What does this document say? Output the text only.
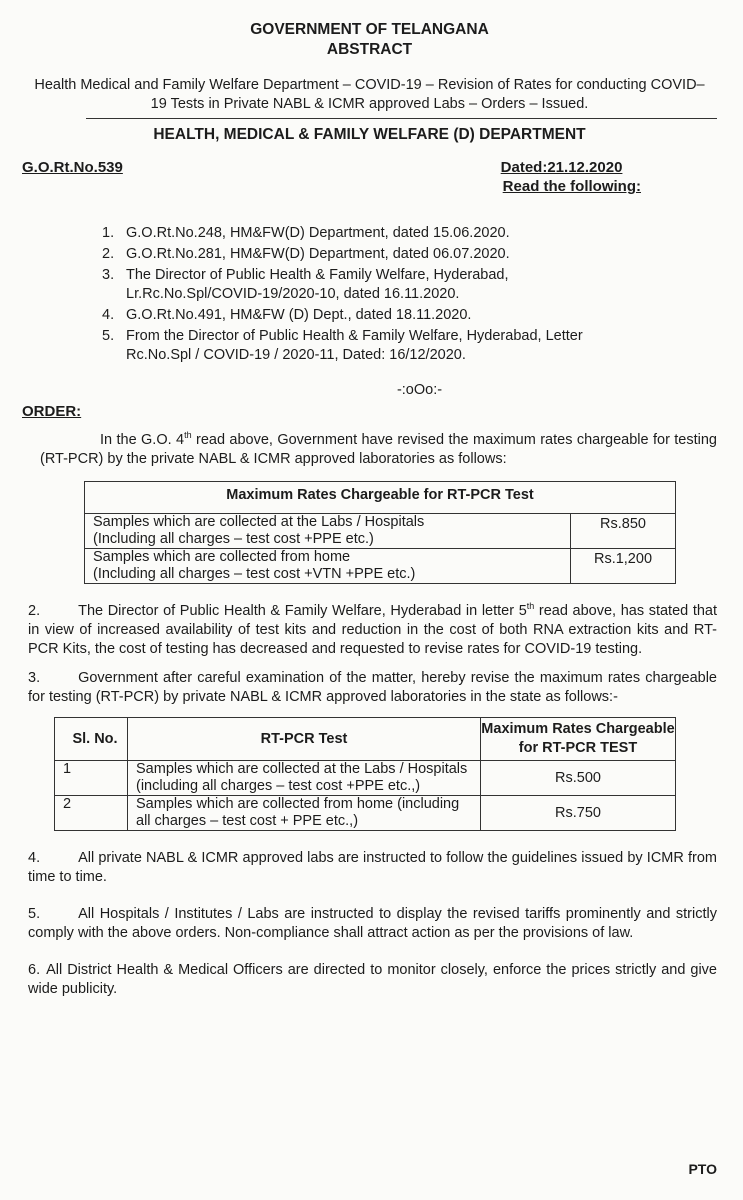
GOVERNMENT OF TELANGANA
ABSTRACT
Health Medical and Family Welfare Department – COVID-19 – Revision of Rates for conducting COVID–19 Tests in Private NABL & ICMR approved Labs – Orders – Issued.
HEALTH, MEDICAL & FAMILY WELFARE (D) DEPARTMENT
G.O.Rt.No.539	Dated:21.12.2020
Read the following:
1. G.O.Rt.No.248, HM&FW(D) Department, dated 15.06.2020.
2. G.O.Rt.No.281, HM&FW(D) Department, dated 06.07.2020.
3. The Director of Public Health & Family Welfare, Hyderabad, Lr.Rc.No.Spl/COVID-19/2020-10, dated 16.11.2020.
4. G.O.Rt.No.491, HM&FW (D) Dept., dated 18.11.2020.
5. From the Director of Public Health & Family Welfare, Hyderabad, Letter Rc.No.Spl / COVID-19 / 2020-11, Dated: 16/12/2020.
-:oOo:-
ORDER:

In the G.O. 4th read above, Government have revised the maximum rates chargeable for testing (RT-PCR) by the private NABL & ICMR approved laboratories as follows:

Maximum Rates Chargeable for RT-PCR Test	

Samples which are collected at the Labs / Hospitals
(Including all charges – test cost +PPE etc.)	Rs.850

Samples which are collected from home
(Including all charges – test cost +VTN +PPE etc.)	Rs.1,200

2.	The Director of Public Health & Family Welfare, Hyderabad in letter 5th read above, has stated that in view of increased availability of test kits and reduction in the cost of both RNA extraction kits and RT-PCR Kits, the cost of testing has decreased and requested to revise rates for COVID-19 testing.

3.	Government after careful examination of the matter, hereby revise the maximum rates chargeable for testing (RT-PCR) by private NABL & ICMR approved laboratories in the state as follows:-

Sl. No.	RT-PCR Test	Maximum Rates Chargeable for RT-PCR TEST
1	Samples which are collected at the Labs / Hospitals (including all charges – test cost +PPE etc.,)	Rs.500
2	Samples which are collected from home (including all charges – test cost + PPE etc.,)	Rs.750

4.	All private NABL & ICMR approved labs are instructed to follow the guidelines issued by ICMR from time to time.

5.	All Hospitals / Institutes / Labs are instructed to display the revised tariffs prominently and strictly comply with the above orders. Non-compliance shall attract action as per the provisions of law.

6. All District Health & Medical Officers are directed to monitor closely, enforce the prices strictly and give wide publicity.

PTO
